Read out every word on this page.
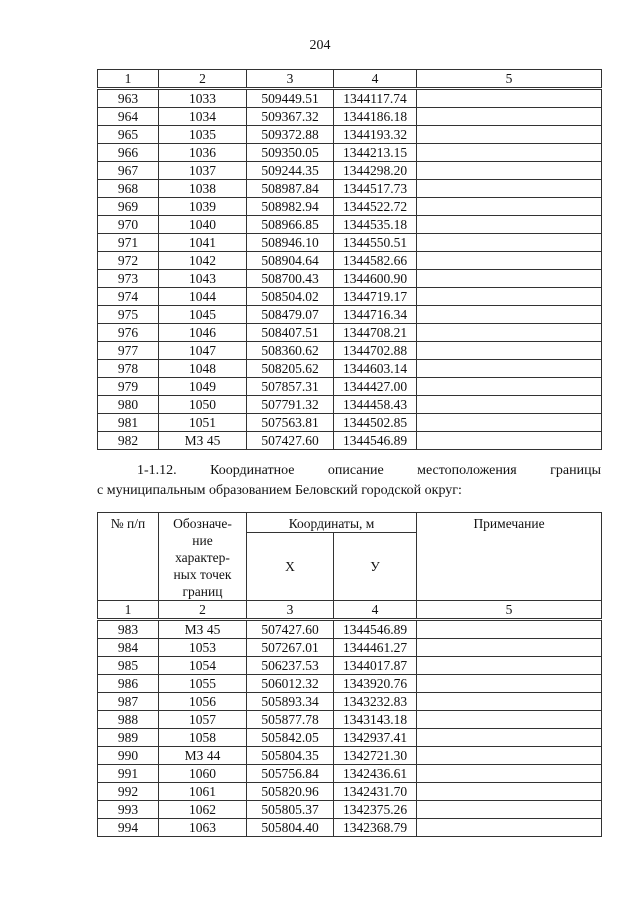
204
1	2	3	4	5
963	1033	509449.51	1344117.74	
964	1034	509367.32	1344186.18	
965	1035	509372.88	1344193.32	
966	1036	509350.05	1344213.15	
967	1037	509244.35	1344298.20	
968	1038	508987.84	1344517.73	
969	1039	508982.94	1344522.72	
970	1040	508966.85	1344535.18	
971	1041	508946.10	1344550.51	
972	1042	508904.64	1344582.66	
973	1043	508700.43	1344600.90	
974	1044	508504.02	1344719.17	
975	1045	508479.07	1344716.34	
976	1046	508407.51	1344708.21	
977	1047	508360.62	1344702.88	
978	1048	508205.62	1344603.14	
979	1049	507857.31	1344427.00	
980	1050	507791.32	1344458.43	
981	1051	507563.81	1344502.85	
982	МЗ 45	507427.60	1344546.89	
1-1.12. Координатное описание местоположения границы
с муниципальным образованием Беловский городской округ:
№ п/п	Обозначе-
ние
характер-
ных точек
границ	Координаты, м		Примечание
		Х	У	
1	2	3	4	5
983	МЗ 45	507427.60	1344546.89	
984	1053	507267.01	1344461.27	
985	1054	506237.53	1344017.87	
986	1055	506012.32	1343920.76	
987	1056	505893.34	1343232.83	
988	1057	505877.78	1343143.18	
989	1058	505842.05	1342937.41	
990	МЗ 44	505804.35	1342721.30	
991	1060	505756.84	1342436.61	
992	1061	505820.96	1342431.70	
993	1062	505805.37	1342375.26	
994	1063	505804.40	1342368.79	
